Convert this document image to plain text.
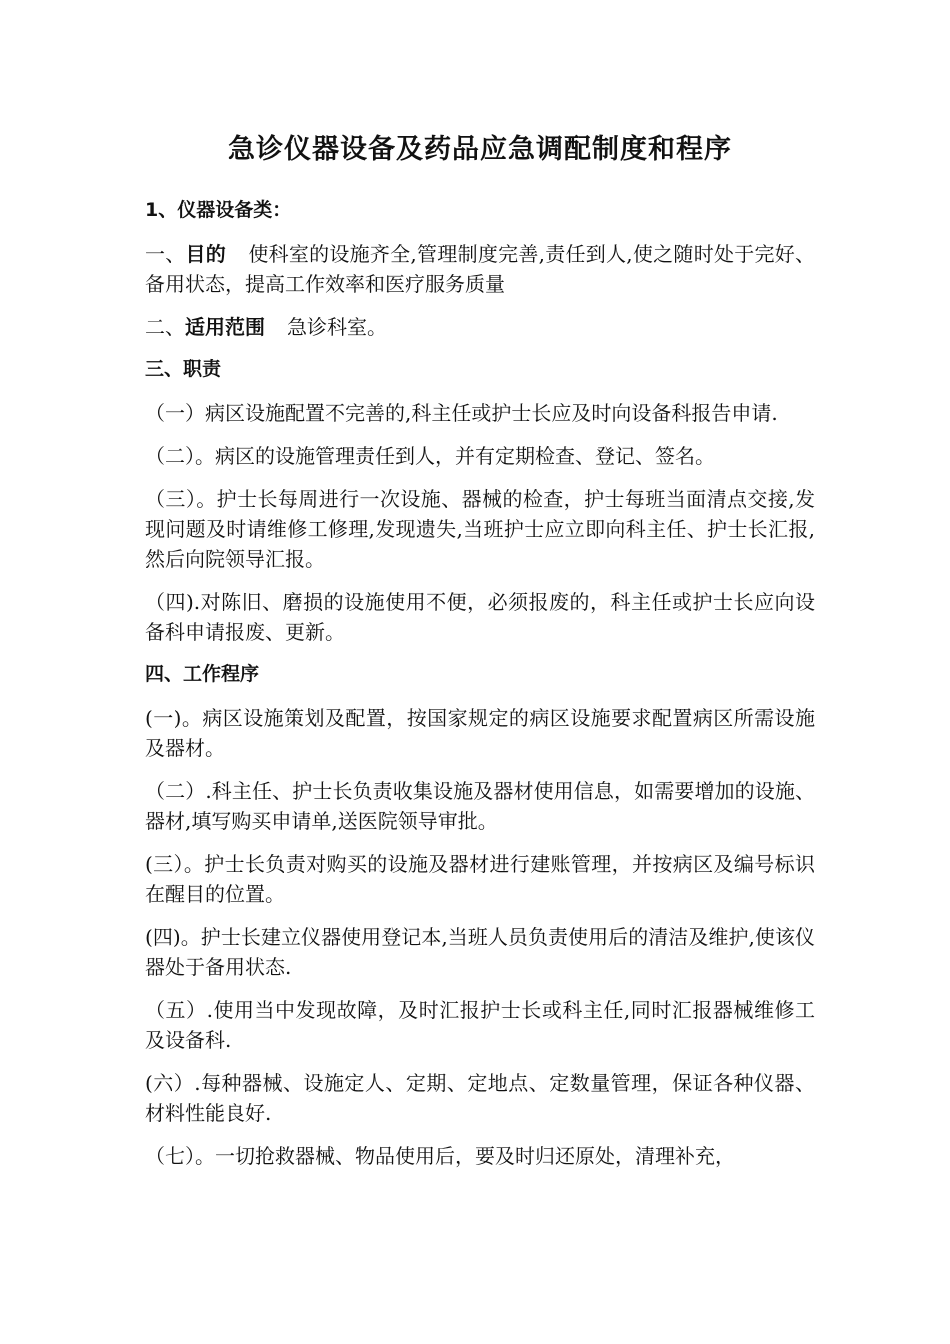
急诊仪器设备及药品应急调配制度和程序
1、仪器设备类：
一、目的 使科室的设施齐全,管理制度完善,责任到人,使之随时处于完好、备用状态，提高工作效率和医疗服务质量
二、适用范围 急诊科室。
三、职责
（一）病区设施配置不完善的,科主任或护士长应及时向设备科报告申请.
（二）。病区的设施管理责任到人，并有定期检查、登记、签名。
（三）。护士长每周进行一次设施、器械的检查，护士每班当面清点交接,发现问题及时请维修工修理,发现遗失,当班护士应立即向科主任、护士长汇报,然后向院领导汇报。
（四).对陈旧、磨损的设施使用不便，必须报废的，科主任或护士长应向设备科申请报废、更新。
四、工作程序
(一)。病区设施策划及配置，按国家规定的病区设施要求配置病区所需设施及器材。
（二）.科主任、护士长负责收集设施及器材使用信息，如需要增加的设施、器材,填写购买申请单,送医院领导审批。
(三）。护士长负责对购买的设施及器材进行建账管理，并按病区及编号标识在醒目的位置。
(四)。护士长建立仪器使用登记本,当班人员负责使用后的清洁及维护,使该仪器处于备用状态.
（五）.使用当中发现故障，及时汇报护士长或科主任,同时汇报器械维修工及设备科.
(六）.每种器械、设施定人、定期、定地点、定数量管理，保证各种仪器、材料性能良好.
（七）。一切抢救器械、物品使用后，要及时归还原处，清理补充，
